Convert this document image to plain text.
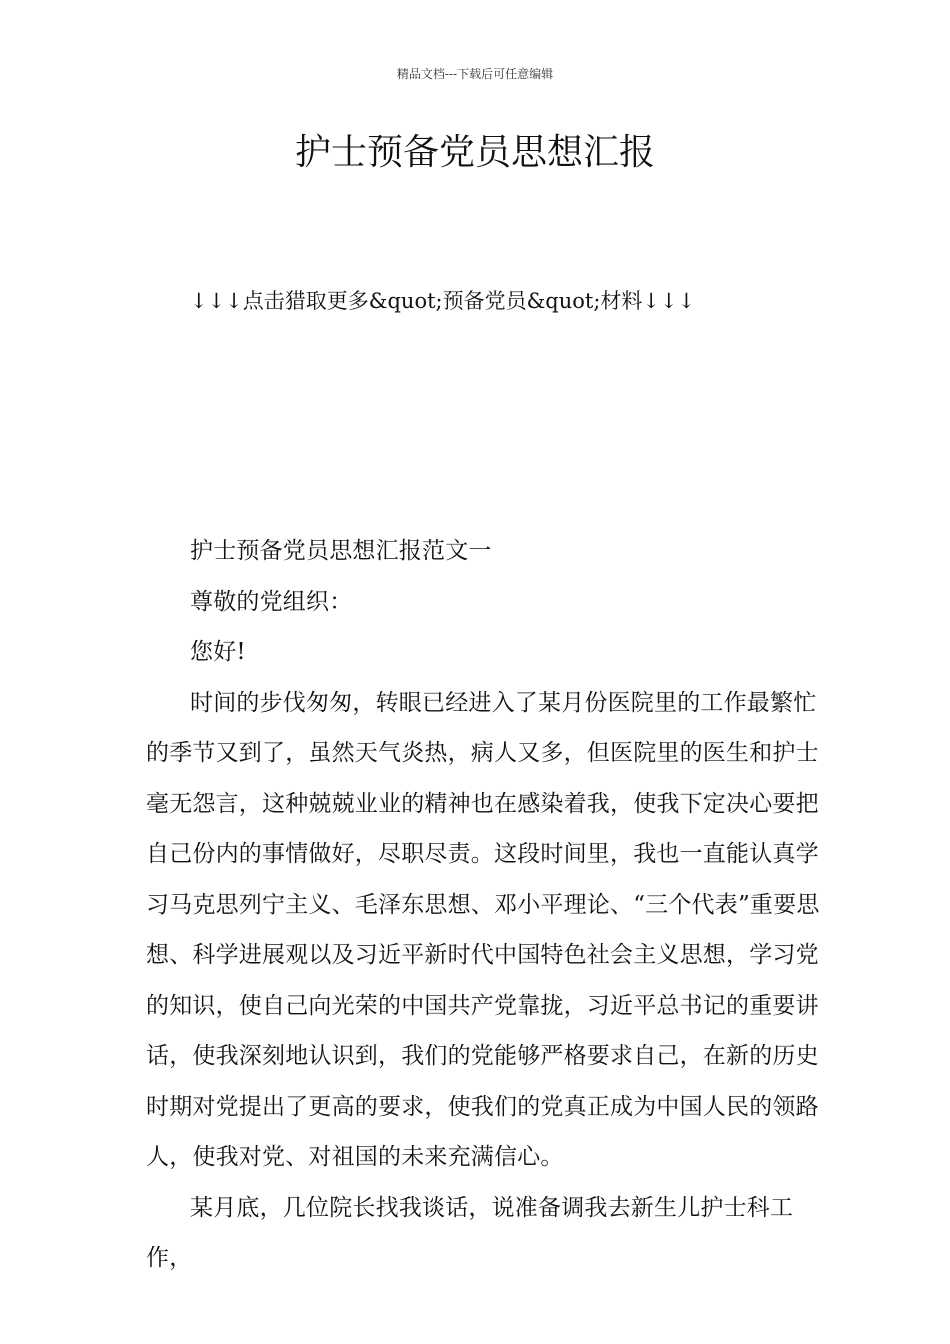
精品文档---下载后可任意编辑
护士预备党员思想汇报
↓↓↓点击猎取更多&quot;预备党员&quot;材料↓↓↓

护士预备党员思想汇报范文一

尊敬的党组织：

您好!

时间的步伐匆匆，转眼已经进入了某月份医院里的工作最繁忙的季节又到了，虽然天气炎热，病人又多，但医院里的医生和护士毫无怨言，这种兢兢业业的精神也在感染着我，使我下定决心要把自己份内的事情做好，尽职尽责。这段时间里，我也一直能认真学习马克思列宁主义、毛泽东思想、邓小平理论、“三个代表”重要思想、科学进展观以及习近平新时代中国特色社会主义思想，学习党的知识，使自己向光荣的中国共产党靠拢，习近平总书记的重要讲话，使我深刻地认识到，我们的党能够严格要求自己，在新的历史时期对党提出了更高的要求，使我们的党真正成为中国人民的领路人，使我对党、对祖国的未来充满信心。

某月底，几位院长找我谈话，说准备调我去新生儿护士科工作，
